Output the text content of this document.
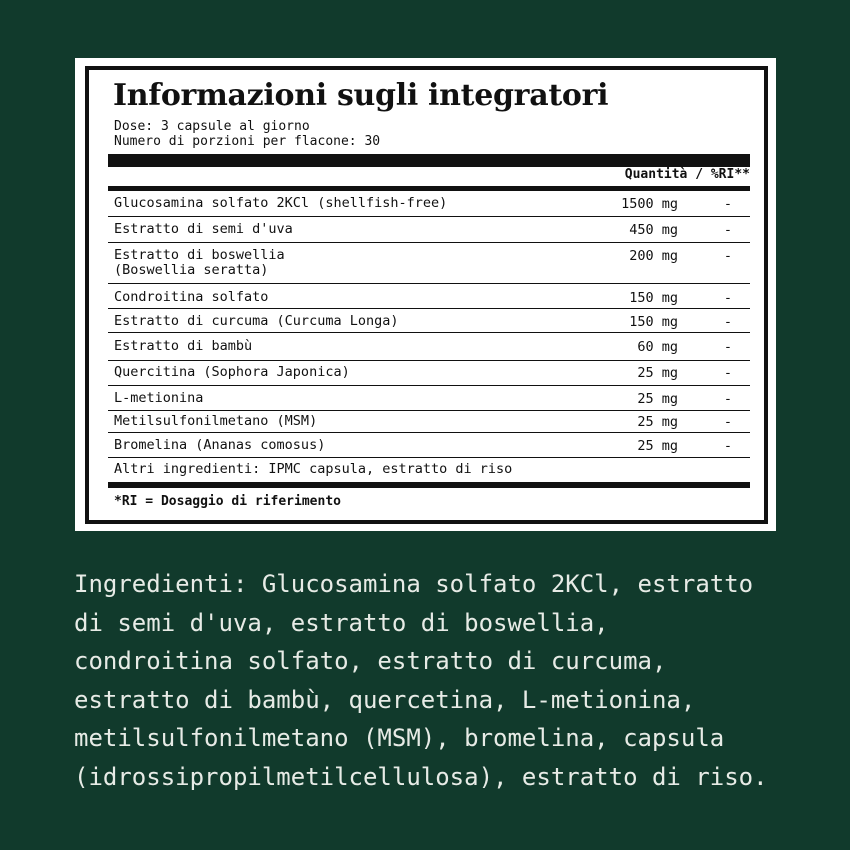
Informazioni sugli integratori
Dose: 3 capsule al giorno
Numero di porzioni per flacone: 30
Quantità / %RI**
Glucosamina solfato 2KCl (shellfish-free)	1500 mg	-
Estratto di semi d'uva	450 mg	-
Estratto di boswellia
(Boswellia seratta)
200 mg	-
Condroitina solfato	150 mg	-
Estratto di curcuma (Curcuma Longa)	150 mg	-
Estratto di bambù	60 mg	-
Quercitina (Sophora Japonica)	25 mg	-
L-metionina	25 mg	-
Metilsulfonilmetano (MSM)	25 mg	-
Bromelina (Ananas comosus)	25 mg	-
Altri ingredienti: IPMC capsula, estratto di riso
*RI = Dosaggio di riferimento
Ingredienti: Glucosamina solfato 2KCl, estratto
di semi d'uva, estratto di boswellia,
condroitina solfato, estratto di curcuma,
estratto di bambù, quercetina, L-metionina,
metilsulfonilmetano (MSM), bromelina, capsula
(idrossipropilmetilcellulosa), estratto di riso.
